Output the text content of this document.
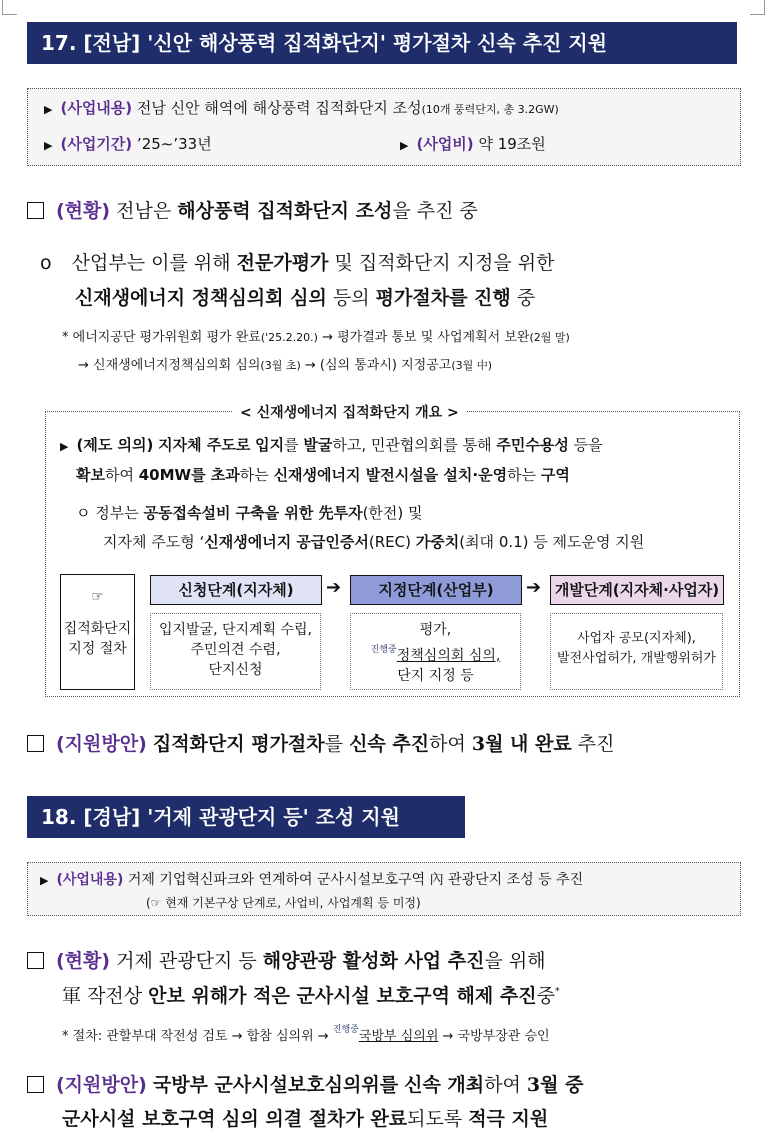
17. [전남] '신안 해상풍력 집적화단지' 평가절차 신속 추진 지원
▶ (사업내용) 전남 신안 해역에 해상풍력 집적화단지 조성(10개 풍력단지, 총 3.2GW)
▶ (사업기간) ’25∼’33년	▶ (사업비) 약 19조원
(현황) 전남은 해상풍력 집적화단지 조성을 추진 중
o 산업부는 이를 위해 전문가평가 및 집적화단지 지정을 위한
신재생에너지 정책심의회 심의 등의 평가절차를 진행 중
* 에너지공단 평가위원회 평가 완료('25.2.20.) → 평가결과 통보 및 사업계획서 보완(2월 말)
→ 신재생에너지정책심의회 심의(3월 초) → (심의 통과시) 지정공고(3월 中)
< 신재생에너지 집적화단지 개요 >
▶ (제도 의의) 지자체 주도로 입지를 발굴하고, 민관협의회를 통해 주민수용성 등을
확보하여 40MW를 초과하는 신재생에너지 발전시설을 설치·운영하는 구역
ㅇ 정부는 공동접속설비 구축을 위한 先투자(한전) 및
지자체 주도형 ‘신재생에너지 공급인증서(REC) 가중치(최대 0.1) 등 제도운영 지원
☞
집적화단지
지정 절차
신청단계(지자체)	➔	지정단계(산업부)	➔ 개발단계(지자체·사업자)
입지발굴, 단지계획 수립,
주민의견 수렴,
단지신청
평가,
$^{진행중}$정책심의회 심의,
단지 지정 등
사업자 공모(지자체),
발전사업허가, 개발행위허가
(지원방안) 집적화단지 평가절차를 신속 추진하여 3월 내 완료 추진
18. [경남] '거제 관광단지 등' 조성 지원
▶ (사업내용) 거제 기업혁신파크와 연계하여 군사시설보호구역 內 관광단지 조성 등 추진
(☞ 현재 기본구상 단계로, 사업비, 사업계획 등 미정)
(현황) 거제 관광단지 등 해양관광 활성화 사업 추진을 위해
軍 작전상 안보 위해가 적은 군사시설 보호구역 해제 추진중*
* 절차: 관할부대 작전성 검토 → 합참 심의위 → $^{진행중}$국방부 심의위 → 국방부장관 승인
(지원방안) 국방부 군사시설보호심의위를 신속 개최하여 3월 중
군사시설 보호구역 심의 의결 절차가 완료되도록 적극 지원
